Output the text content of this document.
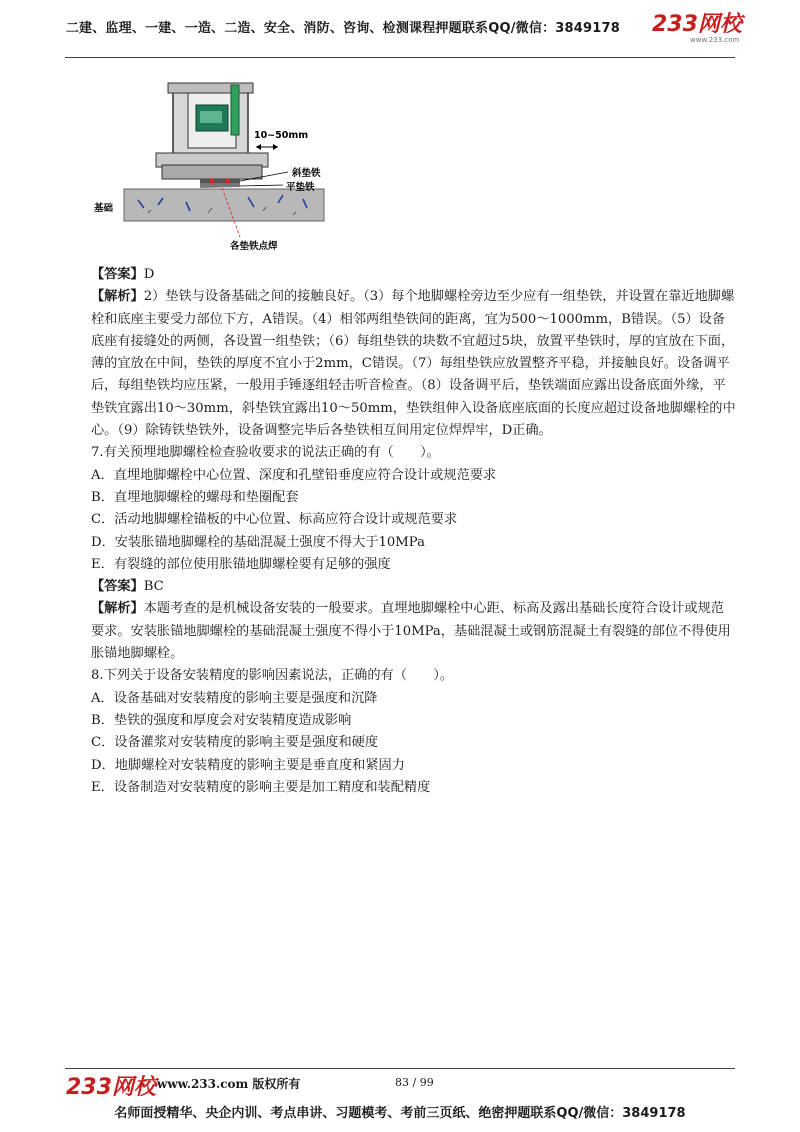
二建、监理、一建、一造、二造、安全、消防、咨询、检测课程押题联系QQ/微信：3849178 233网校
www.233.com
10~50mm
斜垫铁
平垫铁
基础
各垫铁点焊

【答案】D

【解析】2）垫铁与设备基础之间的接触良好。（3）每个地脚螺栓旁边至少应有一组垫铁，并设置在靠近地脚螺栓和底座主要受力部位下方，A错误。（4）相邻两组垫铁间的距离，宜为500～1000mm，B错误。（5）设备底座有接缝处的两侧，各设置一组垫铁；（6）每组垫铁的块数不宜超过5块，放置平垫铁时，厚的宜放在下面，薄的宜放在中间，垫铁的厚度不宜小于2mm，C错误。（7）每组垫铁应放置整齐平稳，并接触良好。设备调平后，每组垫铁均应压紧，一般用手锤逐组轻击听音检查。（8）设备调平后，垫铁端面应露出设备底面外缘，平垫铁宜露出10～30mm，斜垫铁宜露出10～50mm，垫铁组伸入设备底座底面的长度应超过设备地脚螺栓的中心。（9）除铸铁垫铁外，设备调整完毕后各垫铁相互间用定位焊焊牢，D正确。

7.有关预埋地脚螺栓检查验收要求的说法正确的有（　　）。

A．直埋地脚螺栓中心位置、深度和孔壁铅垂度应符合设计或规范要求

B．直埋地脚螺栓的螺母和垫圈配套

C．活动地脚螺栓锚板的中心位置、标高应符合设计或规范要求

D．安装胀锚地脚螺栓的基础混凝土强度不得大于10MPa

E．有裂缝的部位使用胀锚地脚螺栓要有足够的强度

【答案】BC

【解析】本题考查的是机械设备安装的一般要求。直埋地脚螺栓中心距、标高及露出基础长度符合设计或规范要求。安装胀锚地脚螺栓的基础混凝土强度不得小于10MPa，基础混凝土或钢筋混凝土有裂缝的部位不得使用胀锚地脚螺栓。

8.下列关于设备安装精度的影响因素说法，正确的有（　　）。

A．设备基础对安装精度的影响主要是强度和沉降

B．垫铁的强度和厚度会对安装精度造成影响

C．设备灌浆对安装精度的影响主要是强度和硬度

D．地脚螺栓对安装精度的影响主要是垂直度和紧固力

E．设备制造对安装精度的影响主要是加工精度和装配精度

233网校 www.233.com 版权所有	83 / 99
名师面授精华、央企内训、考点串讲、习题模考、考前三页纸、绝密押题联系QQ/微信：3849178
